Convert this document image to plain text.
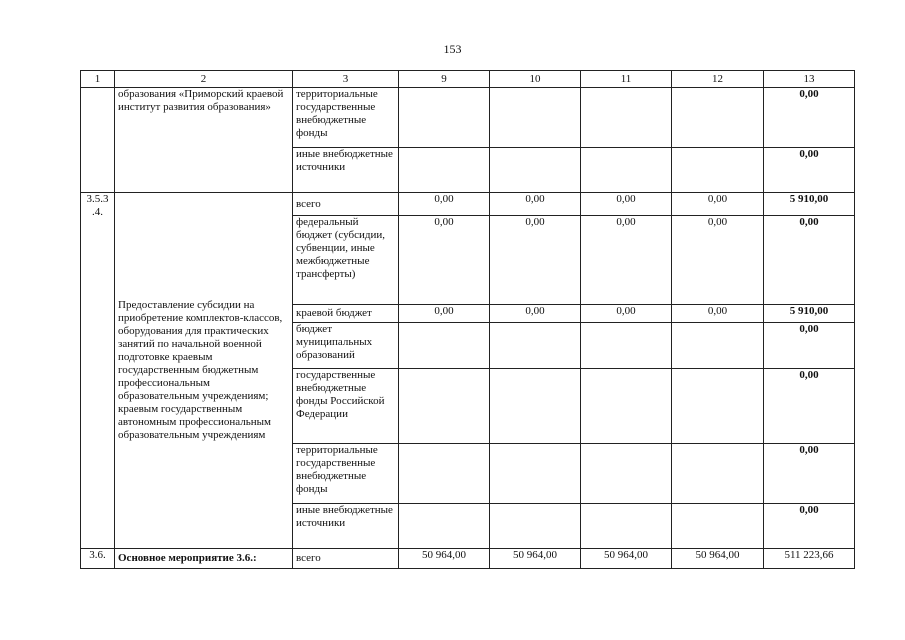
153
1	2	3	9	10	11	12	13
	образования «Приморский краевой институт развития образования»	территориальные государственные внебюджетные фонды					0,00
		иные внебюджетные источники					0,00
3.5.3 .4.	Предоставление субсидии на приобретение комплектов-классов, оборудования для практических занятий по начальной военной подготовке краевым государственным бюджетным профессиональным образовательным учреждениям; краевым государственным автономным профессиональным образовательным учреждениям	всего	0,00	0,00	0,00	0,00	5 910,00
		федеральный бюджет (субсидии, субвенции, иные межбюджетные трансферты)	0,00	0,00	0,00	0,00	0,00
		краевой бюджет	0,00	0,00	0,00	0,00	5 910,00
		бюджет муниципальных образований					0,00
		государственные внебюджетные фонды Российской Федерации					0,00
		территориальные государственные внебюджетные фонды					0,00
		иные внебюджетные источники					0,00
3.6.	Основное мероприятие 3.6.:	всего	50 964,00	50 964,00	50 964,00	50 964,00	511 223,66
